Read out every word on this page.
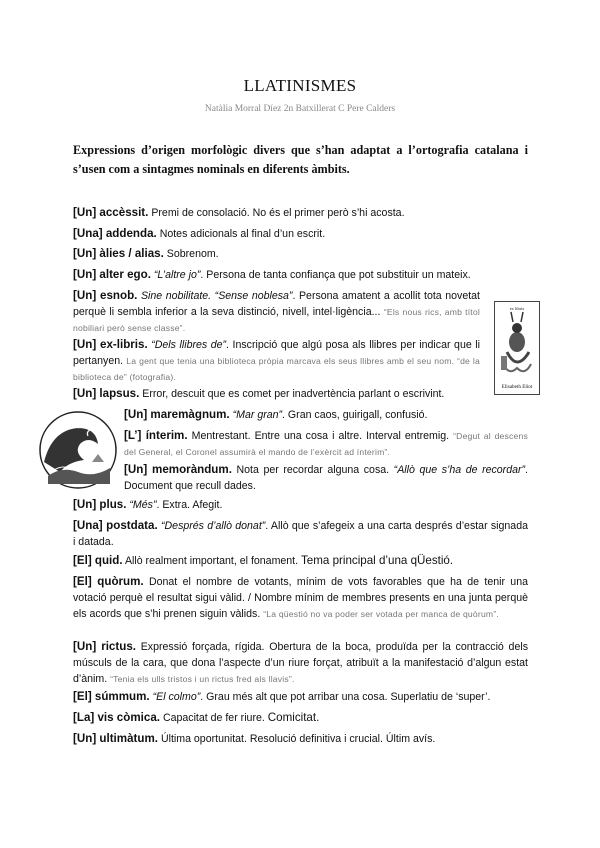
LLATINISMES
Natàlia Morral Díez 2n Batxillerat C Pere Calders
Expressions d’origen morfològic divers que s’han adaptat a l’ortografia catalana i s’usen com a sintagmes nominals en diferents àmbits.
[Un] accèssit. Premi de consolació. No és el primer però s’hi acosta.
[Una] addenda. Notes adicionals al final d’un escrit.
[Un] àlies / alias. Sobrenom.
[Un] alter ego. “L’altre jo”. Persona de tanta confiança que pot substituir un mateix.
[Un] esnob. Sine nobilitate. “Sense noblesa”. Persona amatent a acollit tota novetat perquè li sembla inferior a la seva distinció, nivell, intel·ligència... “Els nous rics, amb títol nobiliari però sense classe”.
[Un] ex-libris. “Dels llibres de”. Inscripció que algú posa als llibres per indicar que li pertanyen. La gent que tenia una biblioteca pròpia marcava els seus llibres amb el seu nom. “de la biblioteca de” (fotografia).
[Un] lapsus. Error, descuit que es comet per inadvertència parlant o escrivint.
[Un] maremàgnum. “Mar gran”. Gran caos, guirigall, confusió.
[L’] ínterim. Mentrestant. Entre una cosa i altre. Interval entremig. “Degut al descens del General, el Coronel assumirà el mando de l’exèrcit ad ínterim”.
[Un] memoràndum. Nota per recordar alguna cosa. “Allò que s’ha de recordar”. Document que recull dades.
[Un] plus. “Més”. Extra. Afegit.
[Una] postdata. “Després d’allò donat”. Allò que s’afegeix a una carta després d’estar signada i datada.
[El] quid. Allò realment important, el fonament. Tema principal d’una qÜestió.
[El] quòrum. Donat el nombre de votants, mínim de vots favorables que ha de tenir una votació perquè el resultat sigui vàlid. / Nombre mínim de membres presents en una junta perquè els acords que s’hi prenen siguin vàlids. “La qüestió no va poder ser votada per manca de quòrum”.
[Un] rictus. Expressió forçada, rígida. Obertura de la boca, produïda per la contracció dels músculs de la cara, que dona l’aspecte d’un riure forçat, atribuït a la manifestació d’algun estat d’ànim. “Tenia els ulls tristos i un rictus fred als llavis”.
[El] súmmum. “El colmo”. Grau més alt que pot arribar una cosa. Superlatiu de ‘super’.
[La] vis còmica. Capacitat de fer riure. Comicitat.
[Un] ultimàtum. Última oportunitat. Resolució definitiva i crucial. Últim avís.
ex libris
Elisabeth Eliot
